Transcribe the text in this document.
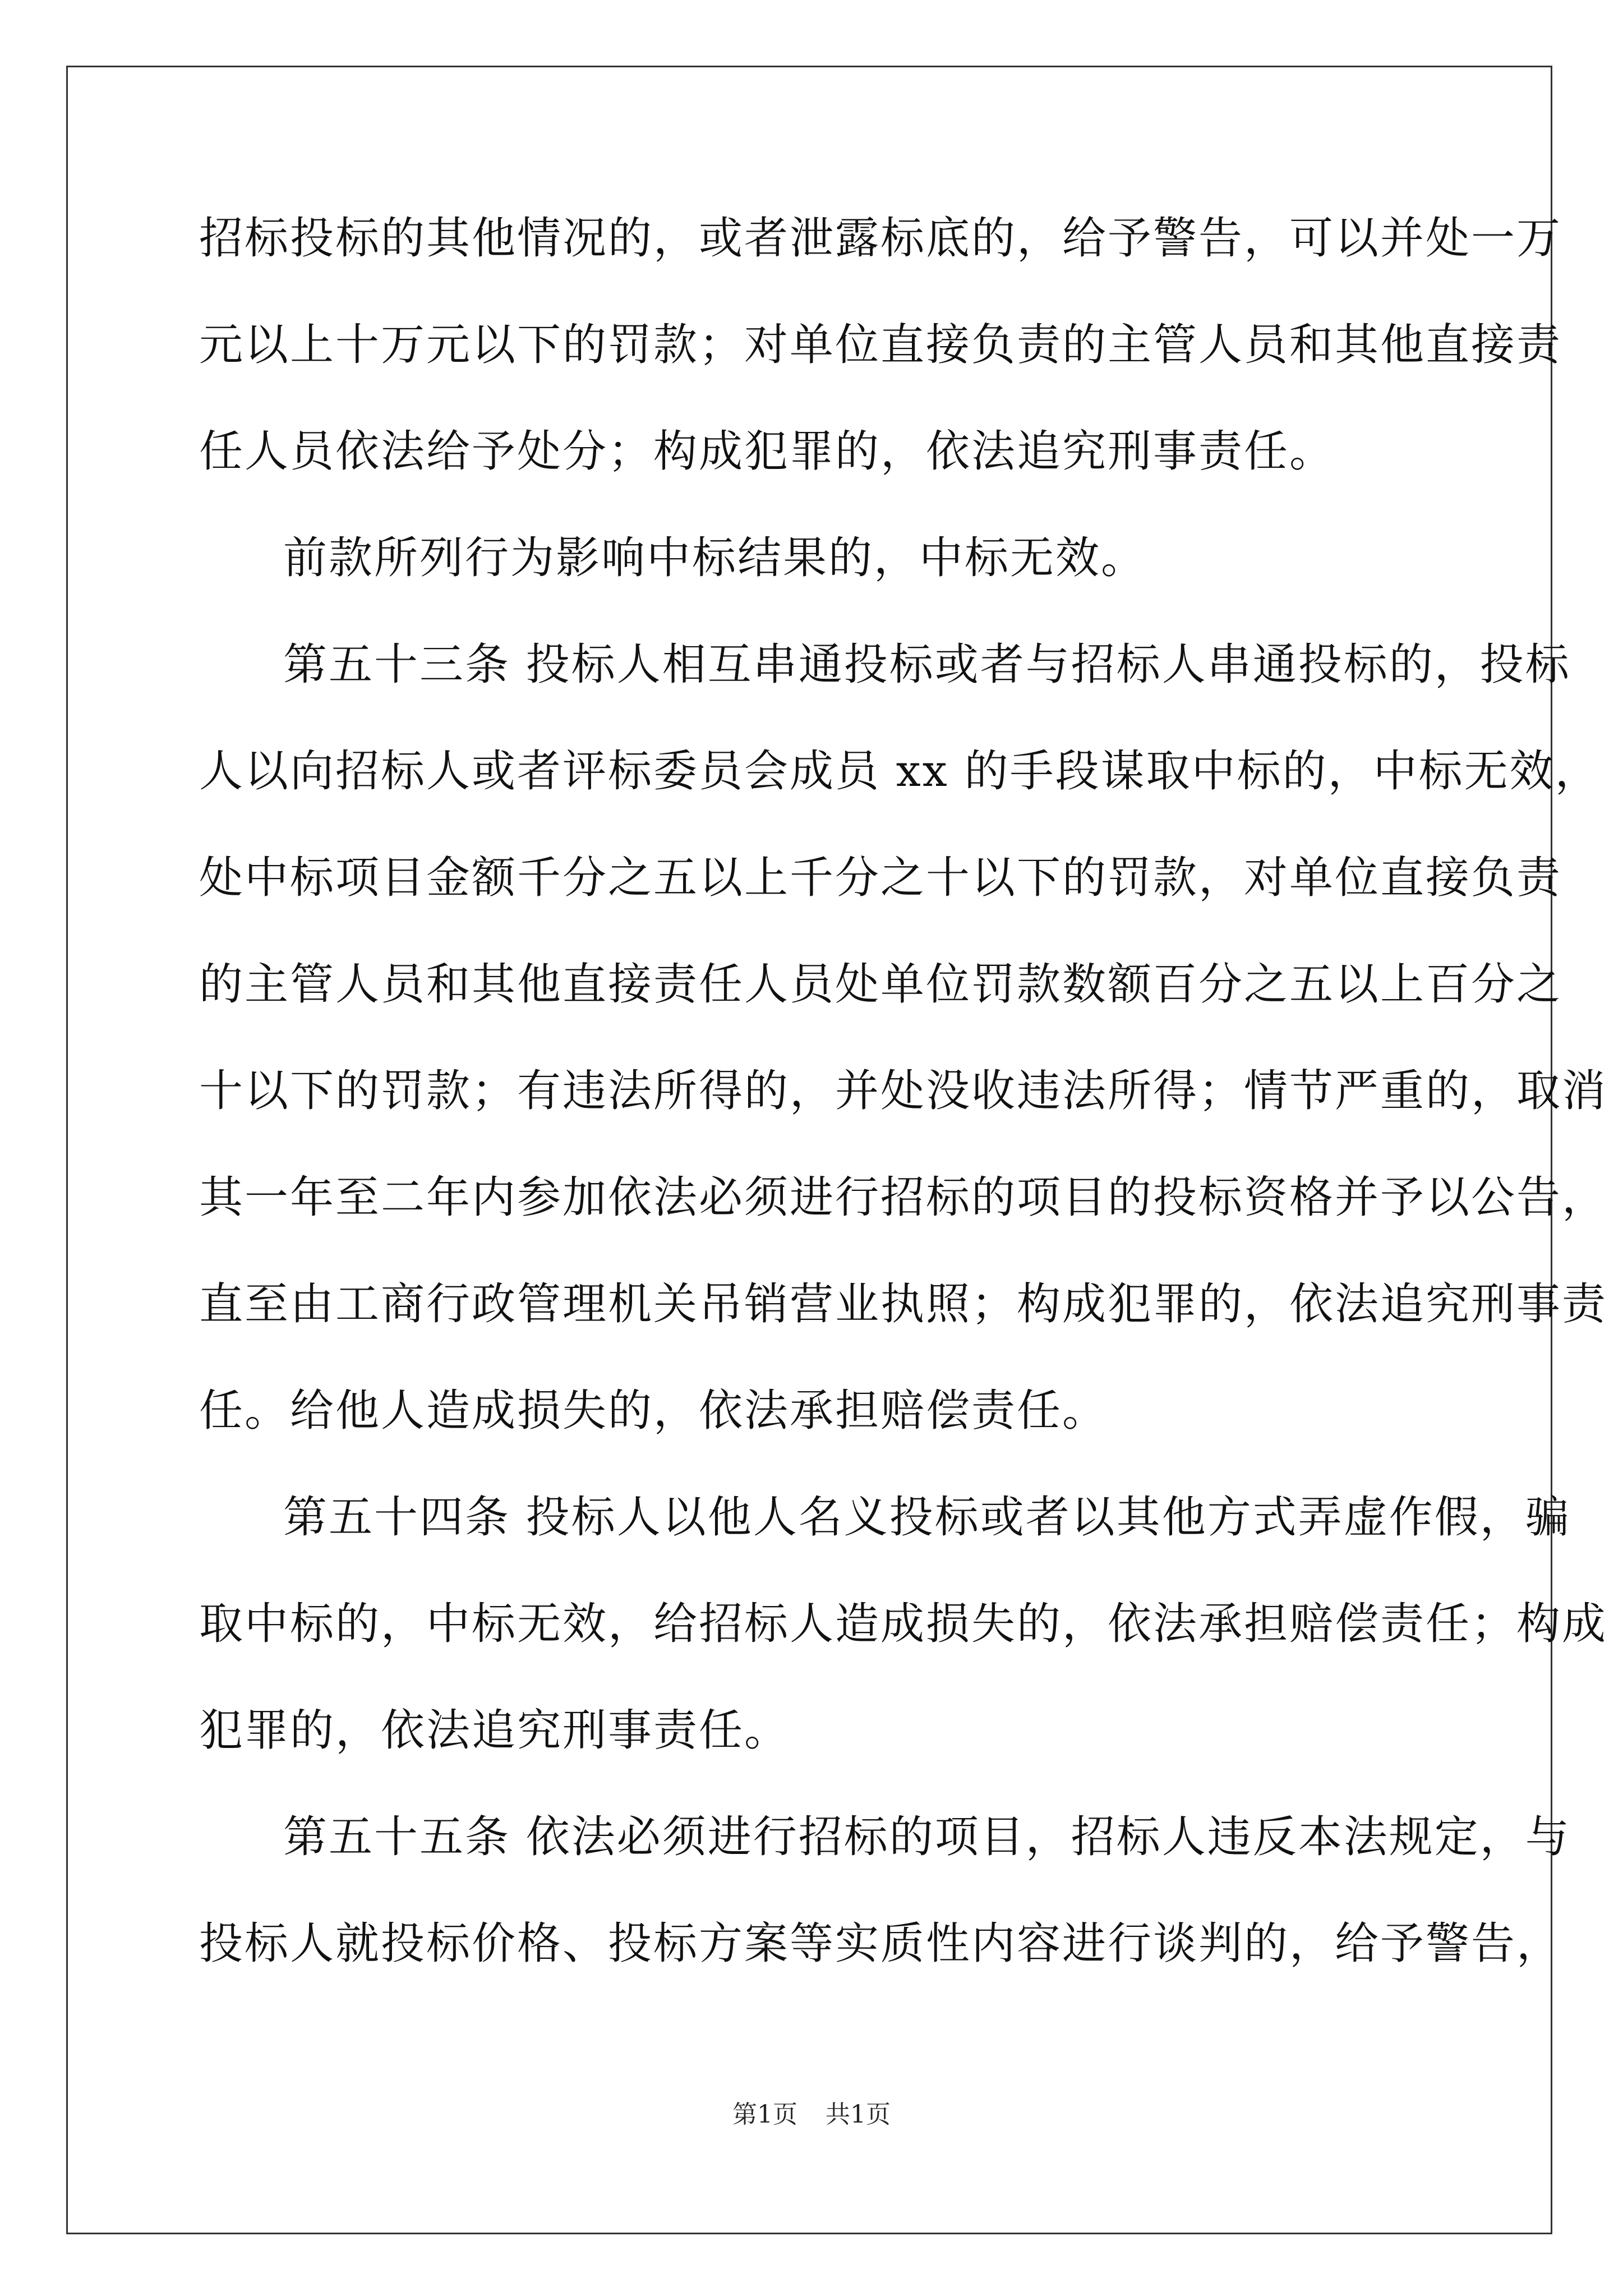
招标投标的其他情况的，或者泄露标底的，给予警告，可以并处一万
元以上十万元以下的罚款；对单位直接负责的主管人员和其他直接责
任人员依法给予处分；构成犯罪的，依法追究刑事责任。
前款所列行为影响中标结果的，中标无效。
第五十三条 投标人相互串通投标或者与招标人串通投标的，投标
人以向招标人或者评标委员会成员 xx 的手段谋取中标的，中标无效，
处中标项目金额千分之五以上千分之十以下的罚款，对单位直接负责
的主管人员和其他直接责任人员处单位罚款数额百分之五以上百分之
十以下的罚款；有违法所得的，并处没收违法所得；情节严重的，取消
其一年至二年内参加依法必须进行招标的项目的投标资格并予以公告，
直至由工商行政管理机关吊销营业执照；构成犯罪的，依法追究刑事责
任。给他人造成损失的，依法承担赔偿责任。
第五十四条 投标人以他人名义投标或者以其他方式弄虚作假，骗
取中标的，中标无效，给招标人造成损失的，依法承担赔偿责任；构成
犯罪的，依法追究刑事责任。
第五十五条 依法必须进行招标的项目，招标人违反本法规定，与
投标人就投标价格、投标方案等实质性内容进行谈判的，给予警告，
第1页 共1页
